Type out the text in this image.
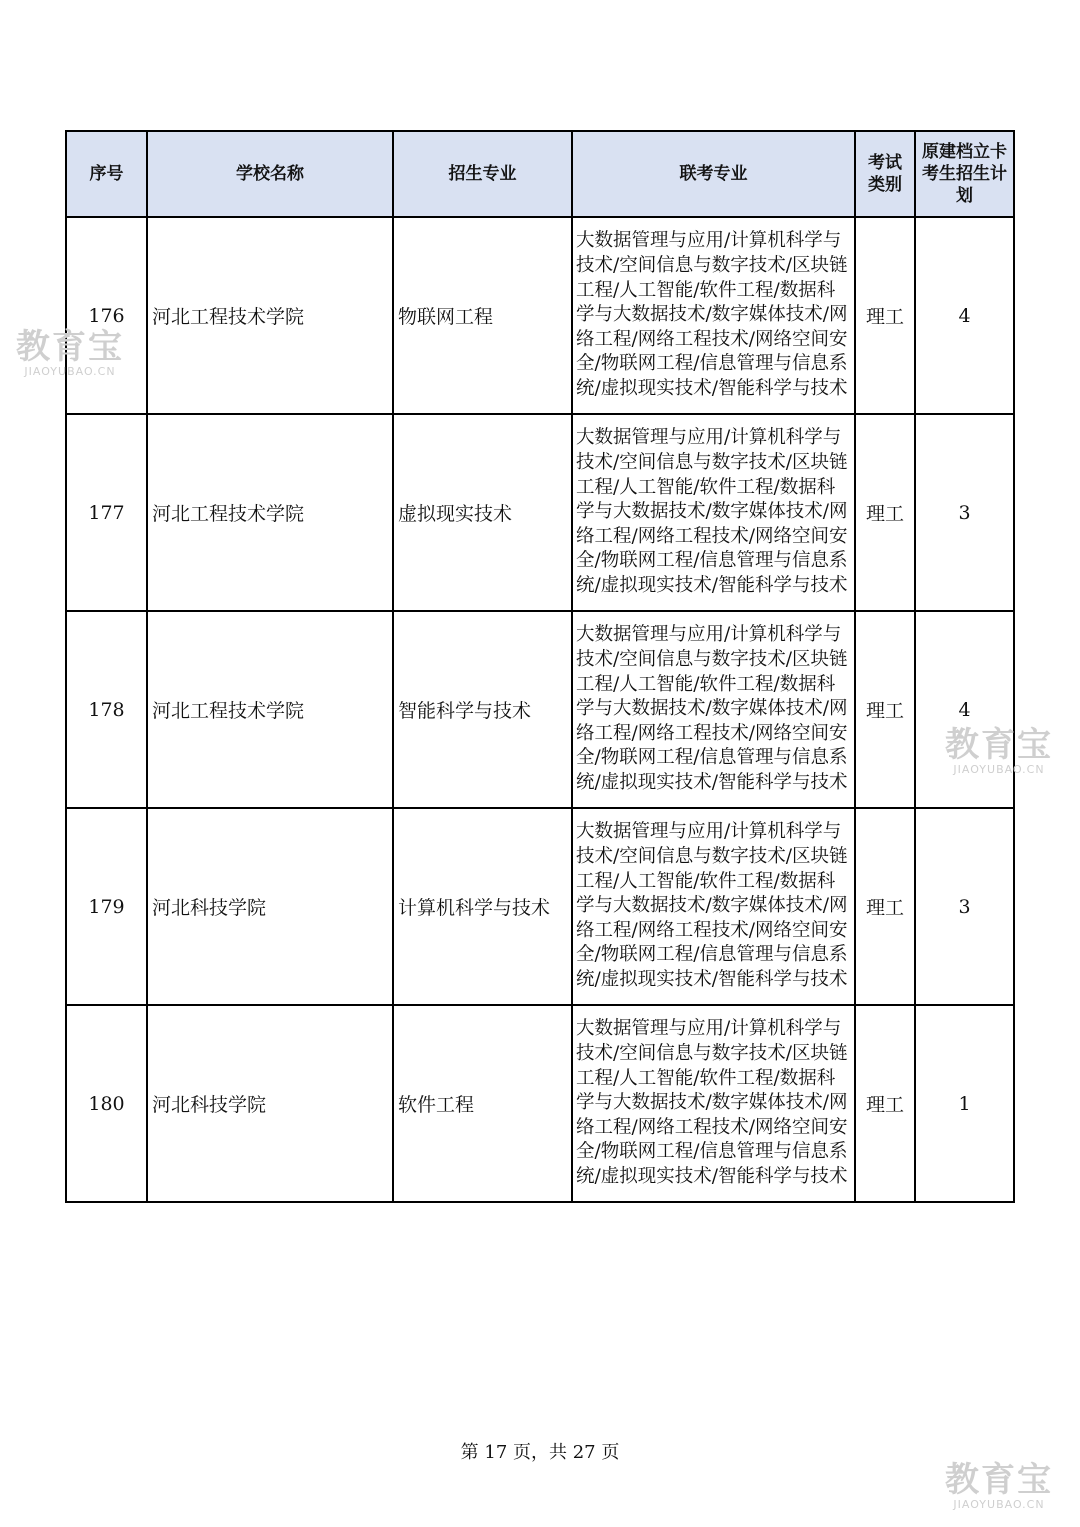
序号	学校名称	招生专业	联考专业	考试类别	原建档立卡考生招生计划
176	河北工程技术学院	物联网工程	大数据管理与应用/计算机科学与技术/空间信息与数字技术/区块链工程/人工智能/软件工程/数据科学与大数据技术/数字媒体技术/网络工程/网络工程技术/网络空间安全/物联网工程/信息管理与信息系统/虚拟现实技术/智能科学与技术	理工	4
177	河北工程技术学院	虚拟现实技术	大数据管理与应用/计算机科学与技术/空间信息与数字技术/区块链工程/人工智能/软件工程/数据科学与大数据技术/数字媒体技术/网络工程/网络工程技术/网络空间安全/物联网工程/信息管理与信息系统/虚拟现实技术/智能科学与技术	理工	3
178	河北工程技术学院	智能科学与技术	大数据管理与应用/计算机科学与技术/空间信息与数字技术/区块链工程/人工智能/软件工程/数据科学与大数据技术/数字媒体技术/网络工程/网络工程技术/网络空间安全/物联网工程/信息管理与信息系统/虚拟现实技术/智能科学与技术	理工	4
179	河北科技学院	计算机科学与技术	大数据管理与应用/计算机科学与技术/空间信息与数字技术/区块链工程/人工智能/软件工程/数据科学与大数据技术/数字媒体技术/网络工程/网络工程技术/网络空间安全/物联网工程/信息管理与信息系统/虚拟现实技术/智能科学与技术	理工	3
180	河北科技学院	软件工程	大数据管理与应用/计算机科学与技术/空间信息与数字技术/区块链工程/人工智能/软件工程/数据科学与大数据技术/数字媒体技术/网络工程/网络工程技术/网络空间安全/物联网工程/信息管理与信息系统/虚拟现实技术/智能科学与技术	理工	1
第 17 页，共 27 页
教育宝
JIAOYUBAO.CN
教育宝
JIAOYUBAO.CN
教育宝
JIAOYUBAO.CN
